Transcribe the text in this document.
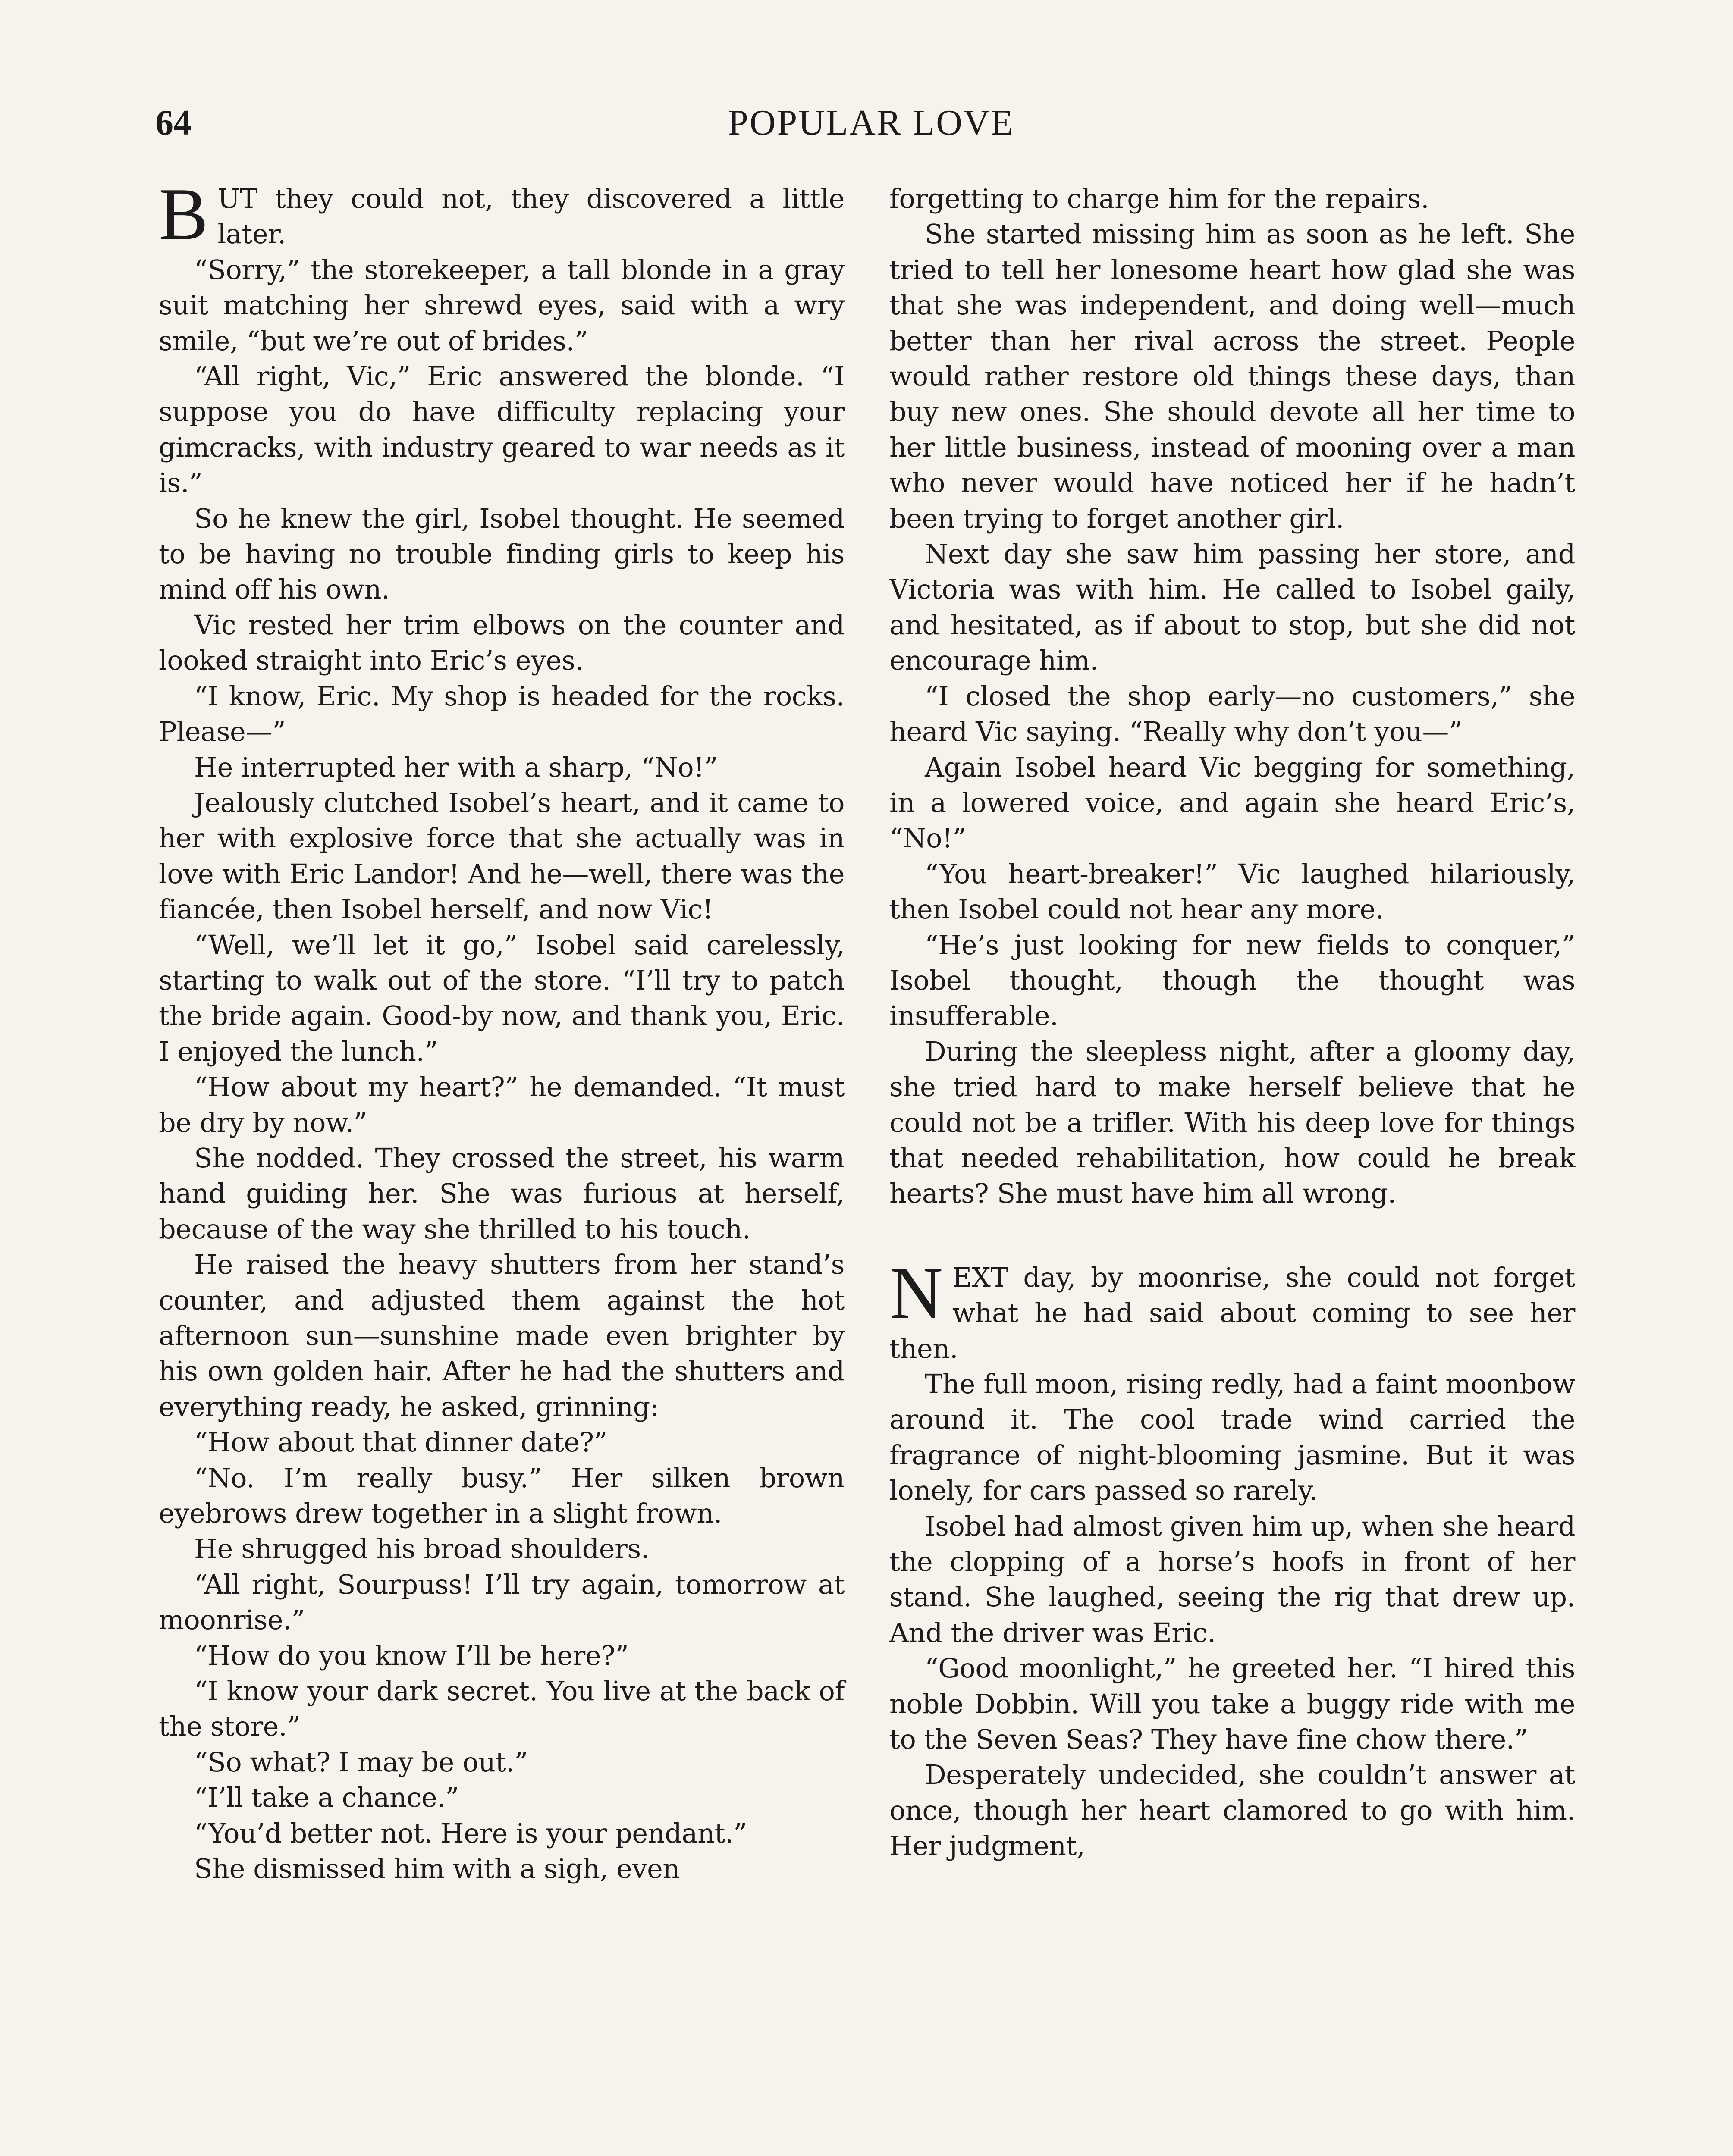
64	POPULAR LOVE

BUT they could not, they discovered a little later.

“Sorry,” the storekeeper, a tall blonde in a gray suit matching her shrewd eyes, said with a wry smile, “but we’re out of brides.”

“All right, Vic,” Eric answered the blonde. “I suppose you do have difficulty replacing your gimcracks, with industry geared to war needs as it is.”

So he knew the girl, Isobel thought. He seemed to be having no trouble finding girls to keep his mind off his own.

Vic rested her trim elbows on the counter and looked straight into Eric’s eyes.

“I know, Eric. My shop is headed for the rocks. Please—”

He interrupted her with a sharp, “No!”

Jealously clutched Isobel’s heart, and it came to her with explosive force that she actually was in love with Eric Landor! And he—well, there was the fiancée, then Isobel herself, and now Vic!

“Well, we’ll let it go,” Isobel said carelessly, starting to walk out of the store. “I’ll try to patch the bride again. Good-by now, and thank you, Eric. I enjoyed the lunch.”

“How about my heart?” he demanded. “It must be dry by now.”

She nodded. They crossed the street, his warm hand guiding her. She was furious at herself, because of the way she thrilled to his touch.

He raised the heavy shutters from her stand’s counter, and adjusted them against the hot afternoon sun—sunshine made even brighter by his own golden hair. After he had the shutters and everything ready, he asked, grinning:

“How about that dinner date?”

“No. I’m really busy.” Her silken brown eyebrows drew together in a slight frown.

He shrugged his broad shoulders.

“All right, Sourpuss! I’ll try again, tomorrow at moonrise.”

“How do you know I’ll be here?”

“I know your dark secret. You live at the back of the store.”

“So what? I may be out.”

“I’ll take a chance.”

“You’d better not. Here is your pendant.”

She dismissed him with a sigh, even

forgetting to charge him for the repairs.

She started missing him as soon as he left. She tried to tell her lonesome heart how glad she was that she was independent, and doing well—much better than her rival across the street. People would rather restore old things these days, than buy new ones. She should devote all her time to her little business, instead of mooning over a man who never would have noticed her if he hadn’t been trying to forget another girl.

Next day she saw him passing her store, and Victoria was with him. He called to Isobel gaily, and hesitated, as if about to stop, but she did not encourage him.

“I closed the shop early—no customers,” she heard Vic saying. “Really why don’t you—”

Again Isobel heard Vic begging for something, in a lowered voice, and again she heard Eric’s, “No!”

“You heart-breaker!” Vic laughed hilariously, then Isobel could not hear any more.

“He’s just looking for new fields to conquer,” Isobel thought, though the thought was insufferable.

During the sleepless night, after a gloomy day, she tried hard to make herself believe that he could not be a trifler. With his deep love for things that needed rehabilitation, how could he break hearts? She must have him all wrong.

NEXT day, by moonrise, she could not forget what he had said about coming to see her then.

The full moon, rising redly, had a faint moonbow around it. The cool trade wind carried the fragrance of night-blooming jasmine. But it was lonely, for cars passed so rarely.

Isobel had almost given him up, when she heard the clopping of a horse’s hoofs in front of her stand. She laughed, seeing the rig that drew up. And the driver was Eric.

“Good moonlight,” he greeted her. “I hired this noble Dobbin. Will you take a buggy ride with me to the Seven Seas? They have fine chow there.”

Desperately undecided, she couldn’t answer at once, though her heart clamored to go with him. Her judgment,
